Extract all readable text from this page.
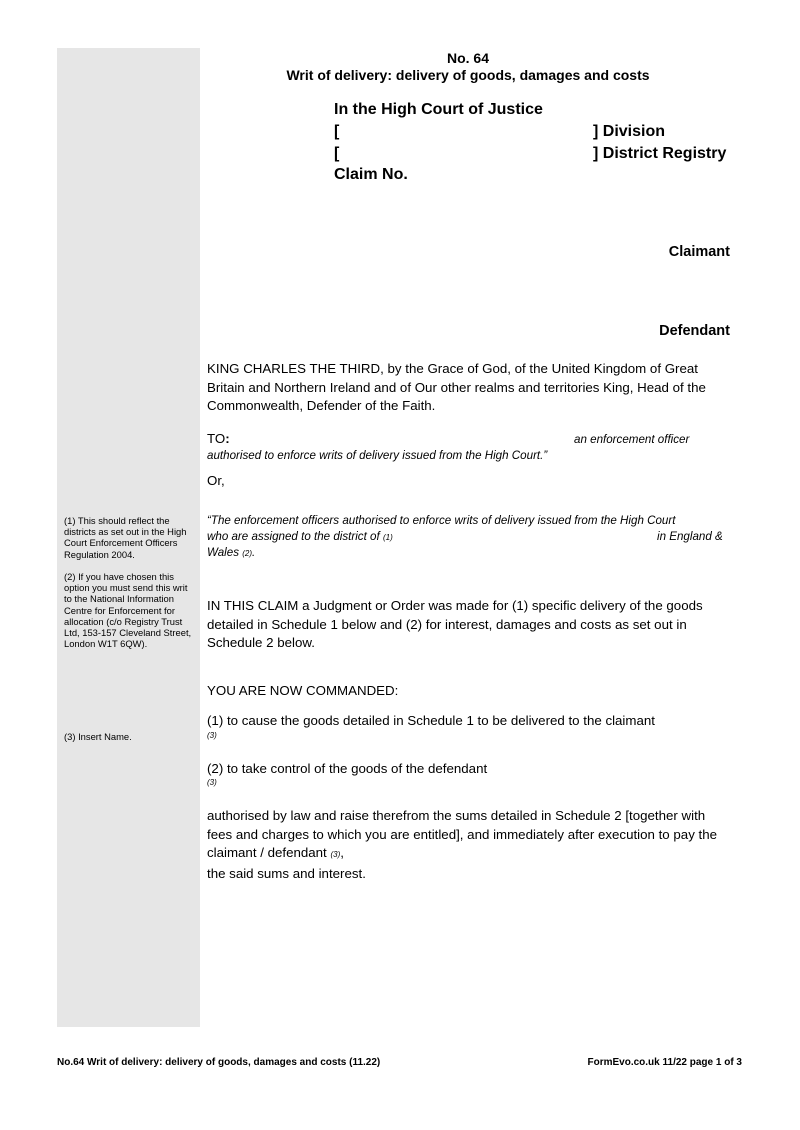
No. 64
Writ of delivery: delivery of goods, damages and costs
In the High Court of Justice
[	] Division
[	] District Registry
Claim No.
Claimant
Defendant
KING CHARLES THE THIRD, by the Grace of God, of the United Kingdom of Great
Britain and Northern Ireland and of Our other realms and territories King, Head of the
Commonwealth, Defender of the Faith.
TO:	an enforcement officer
authorised to enforce writs of delivery issued from the High Court.”
Or,
“The enforcement officers authorised to enforce writs of delivery issued from the High Court
who are assigned to the district of (1)	in England &
Wales (2).
IN THIS CLAIM a Judgment or Order was made for (1) specific delivery of the goods
detailed in Schedule 1 below and (2) for interest, damages and costs as set out in
Schedule 2 below.
YOU ARE NOW COMMANDED:
(1) to cause the goods detailed in Schedule 1 to be delivered to the claimant
(3)
(2) to take control of the goods of the defendant
(3)
authorised by law and raise therefrom the sums detailed in Schedule 2 [together with
fees and charges to which you are entitled], and immediately after execution to pay the
claimant / defendant (3),
the said sums and interest.
(1) This should reflect the districts as set out in the High Court Enforcement Officers Regulation 2004.
(2) If you have chosen this option you must send this writ to the National Information Centre for Enforcement for allocation (c/o Registry Trust Ltd, 153-157 Cleveland Street, London W1T 6QW).
(3) Insert Name.
No.64 Writ of delivery: delivery of goods, damages and costs (11.22)	FormEvo.co.uk 11/22 page 1 of 3
